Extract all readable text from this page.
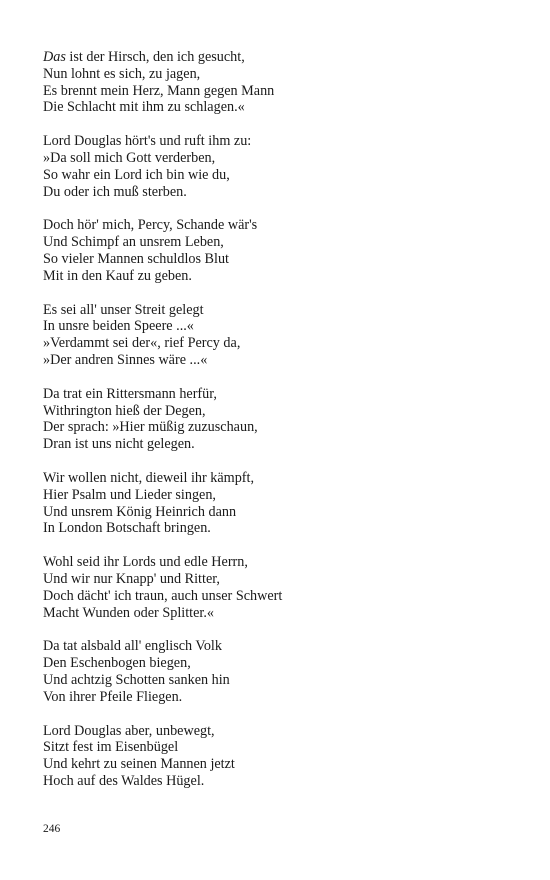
Das ist der Hirsch, den ich gesucht,
Nun lohnt es sich, zu jagen,
Es brennt mein Herz, Mann gegen Mann
Die Schlacht mit ihm zu schlagen.«
Lord Douglas hört's und ruft ihm zu:
»Da soll mich Gott verderben,
So wahr ein Lord ich bin wie du,
Du oder ich muß sterben.
Doch hör' mich, Percy, Schande wär's
Und Schimpf an unsrem Leben,
So vieler Mannen schuldlos Blut
Mit in den Kauf zu geben.
Es sei all' unser Streit gelegt
In unsre beiden Speere ...«
»Verdammt sei der«, rief Percy da,
»Der andren Sinnes wäre ...«
Da trat ein Rittersmann herfür,
Withrington hieß der Degen,
Der sprach: »Hier müßig zuzuschaun,
Dran ist uns nicht gelegen.
Wir wollen nicht, dieweil ihr kämpft,
Hier Psalm und Lieder singen,
Und unsrem König Heinrich dann
In London Botschaft bringen.
Wohl seid ihr Lords und edle Herrn,
Und wir nur Knapp' und Ritter,
Doch dächt' ich traun, auch unser Schwert
Macht Wunden oder Splitter.«
Da tat alsbald all' englisch Volk
Den Eschenbogen biegen,
Und achtzig Schotten sanken hin
Von ihrer Pfeile Fliegen.
Lord Douglas aber, unbewegt,
Sitzt fest im Eisenbügel
Und kehrt zu seinen Mannen jetzt
Hoch auf des Waldes Hügel.
246
